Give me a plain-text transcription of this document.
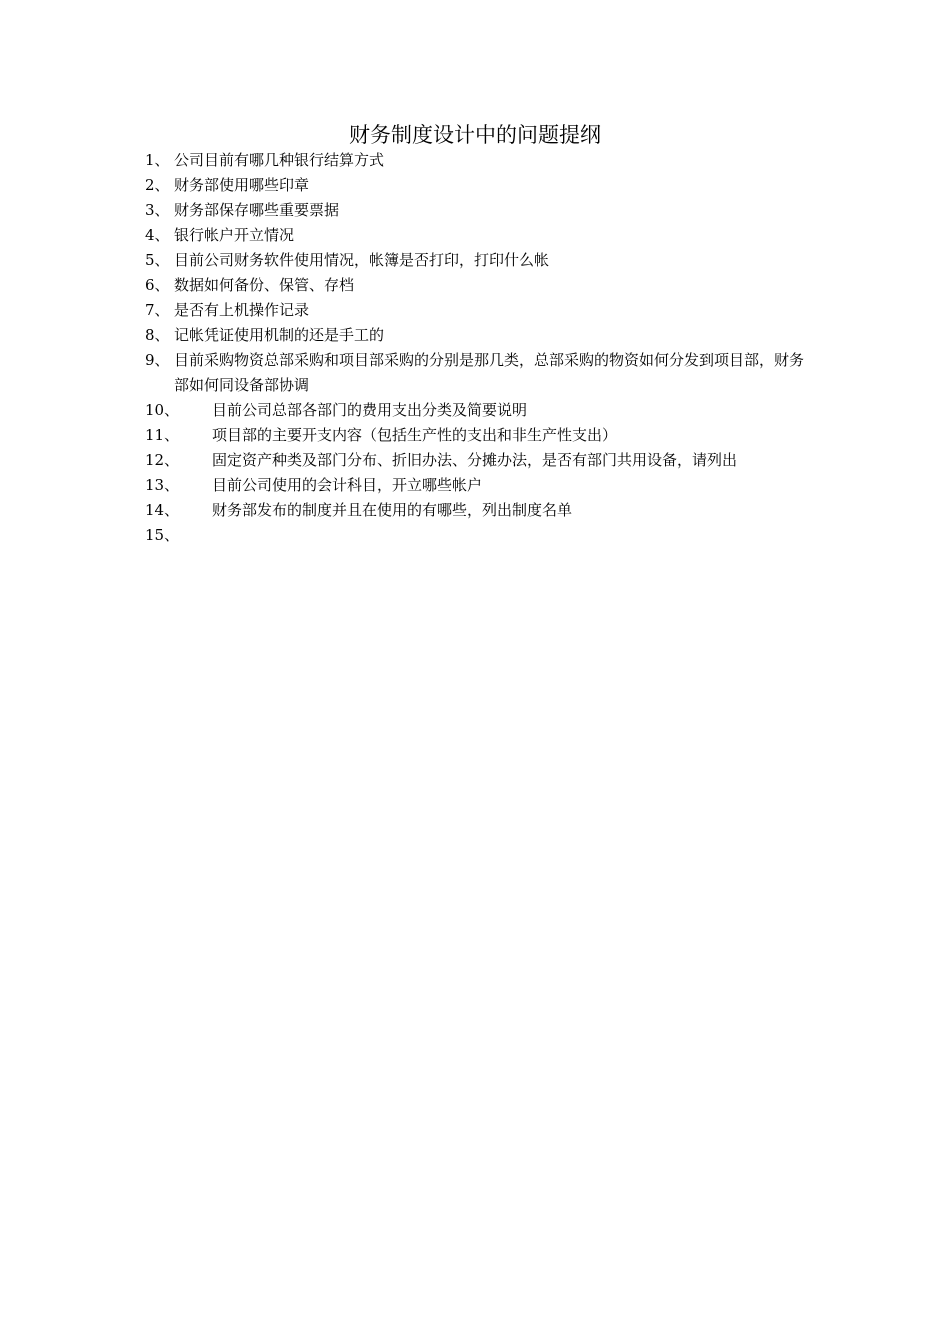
财务制度设计中的问题提纲
1、 公司目前有哪几种银行结算方式
2、 财务部使用哪些印章
3、 财务部保存哪些重要票据
4、 银行帐户开立情况
5、 目前公司财务软件使用情况，帐簿是否打印，打印什么帐
6、 数据如何备份、保管、存档
7、 是否有上机操作记录
8、 记帐凭证使用机制的还是手工的
9、 目前采购物资总部采购和项目部采购的分别是那几类，总部采购的物资如何分发到项目部，财务部如何同设备部协调
10、	目前公司总部各部门的费用支出分类及简要说明
11、	项目部的主要开支内容（包括生产性的支出和非生产性支出）
12、	固定资产种类及部门分布、折旧办法、分摊办法，是否有部门共用设备，请列出
13、	目前公司使用的会计科目，开立哪些帐户
14、	财务部发布的制度并且在使用的有哪些，列出制度名单
15、
